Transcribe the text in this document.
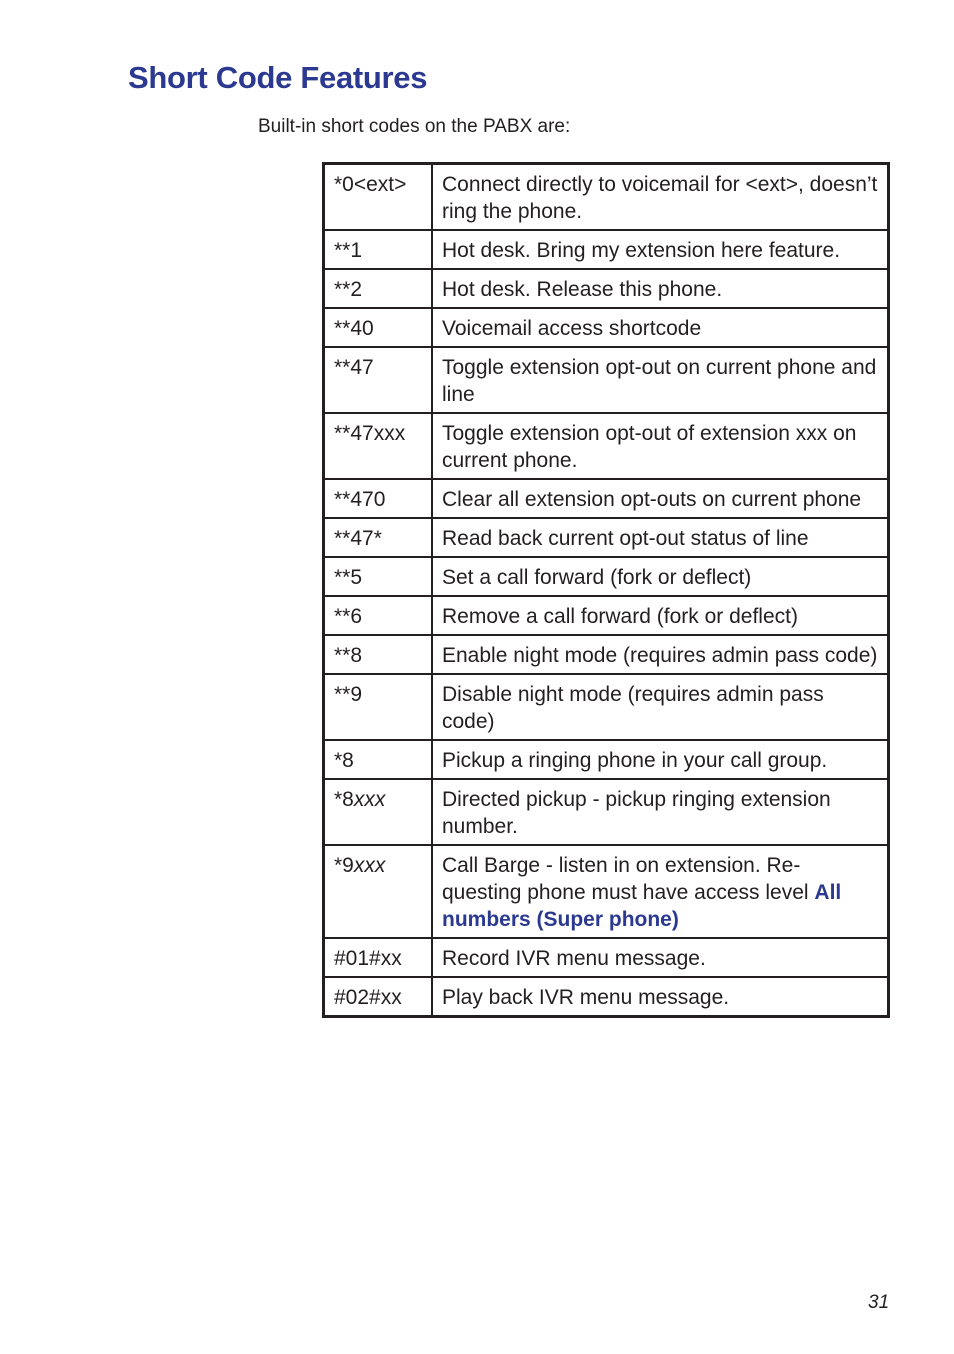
Short Code Features

Built-in short codes on the PABX are:

*0<ext>	Connect directly to voicemail for <ext>, doesn’t ring the phone.
**1	Hot desk. Bring my extension here feature.
**2	Hot desk. Release this phone.
**40	Voicemail access shortcode
**47	Toggle extension opt-out on current phone and line
**47xxx	Toggle extension opt-out of extension xxx on current phone.
**470	Clear all extension opt-outs on current phone
**47*	Read back current opt-out status of line
**5	Set a call forward (fork or deflect)
**6	Remove a call forward (fork or deflect)
**8	Enable night mode (requires admin pass code)
**9	Disable night mode (requires admin pass code)
*8	Pickup a ringing phone in your call group.
*8xxx	Directed pickup - pickup ringing extension number.
*9xxx	Call Barge - listen in on extension. Re-questing phone must have access level All numbers (Super phone)
#01#xx	Record IVR menu message.
#02#xx	Play back IVR menu message.
31
